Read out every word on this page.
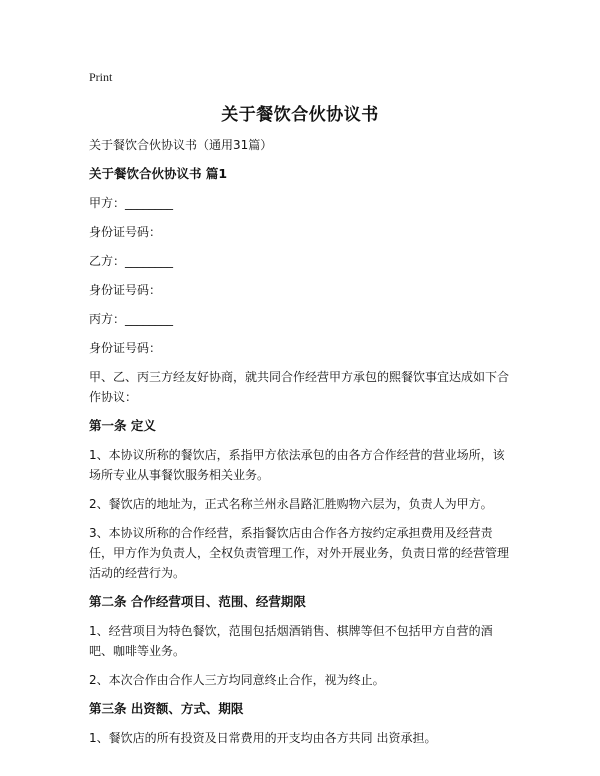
Print
关于餐饮合伙协议书

关于餐饮合伙协议书（通用31篇）

关于餐饮合伙协议书 篇1

甲方：________

身份证号码：

乙方：________

身份证号码：

丙方：________

身份证号码：

甲、乙、丙三方经友好协商，就共同合作经营甲方承包的熙餐饮事宜达成如下合作协议：

第一条 定义

1、本协议所称的餐饮店，系指甲方依法承包的由各方合作经营的营业场所，该场所专业从事餐饮服务相关业务。

2、餐饮店的地址为，正式名称兰州永昌路汇胜购物六层为，负责人为甲方。

3、本协议所称的合作经营，系指餐饮店由合作各方按约定承担费用及经营责任，甲方作为负责人，全权负责管理工作，对外开展业务，负责日常的经营管理活动的经营行为。

第二条 合作经营项目、范围、经营期限

1、经营项目为特色餐饮，范围包括烟酒销售、棋牌等但不包括甲方自营的酒吧、咖啡等业务。

2、本次合作由合作人三方均同意终止合作，视为终止。

第三条 出资额、方式、期限

1、餐饮店的所有投资及日常费用的开支均由各方共同 出资承担。
